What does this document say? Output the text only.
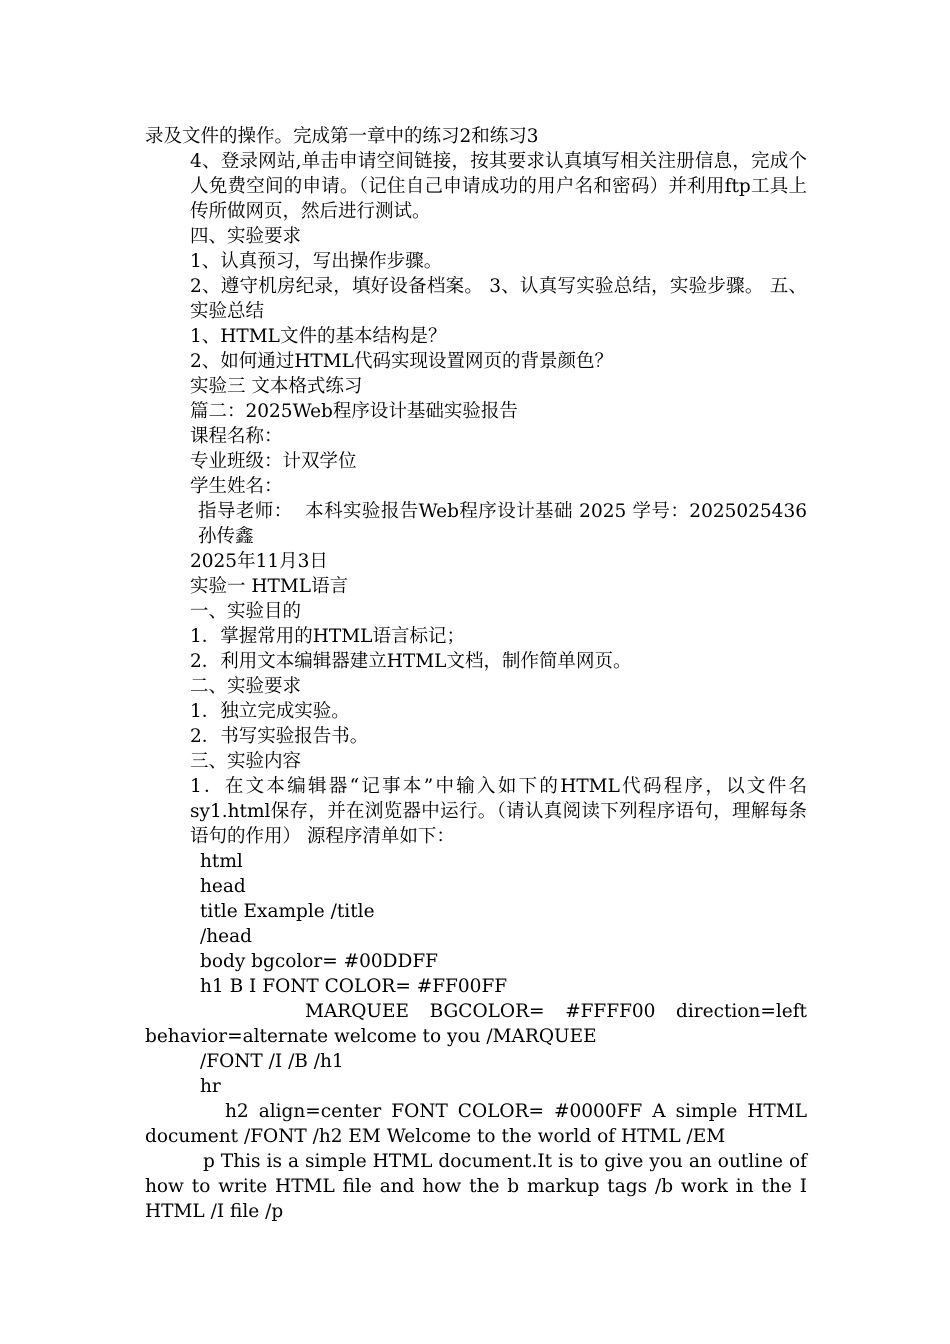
录及文件的操作。完成第一章中的练习2和练习3

4、登录网站,单击申请空间链接，按其要求认真填写相关注册信息，完成个人免费空间的申请。（记住自己申请成功的用户名和密码）并利用ftp工具上传所做网页，然后进行测试。

四、实验要求

1、认真预习，写出操作步骤。

2、遵守机房纪录，填好设备档案。 3、认真写实验总结，实验步骤。 五、实验总结

1、HTML文件的基本结构是？

2、如何通过HTML代码实现设置网页的背景颜色？

实验三 文本格式练习

篇二：2025Web程序设计基础实验报告

课程名称：

专业班级：计双学位

学生姓名：

指导老师：  本科实验报告Web程序设计基础 2025 学号：2025025436 孙传鑫

2025年11月3日

实验一 HTML语言

一、实验目的

1．掌握常用的HTML语言标记；

2．利用文本编辑器建立HTML文档，制作简单网页。

二、实验要求

1．独立完成实验。

2．书写实验报告书。

三、实验内容

1．在文本编辑器“记事本”中输入如下的HTML代码程序，以文件名sy1.html保存，并在浏览器中运行。（请认真阅读下列程序语句，理解每条语句的作用） 源程序清单如下：

html

head

title Example /title

/head

body bgcolor= #00DDFF

h1 B I FONT COLOR= #FF00FF

MARQUEE BGCOLOR= #FFFF00 direction=left behavior=alternate welcome to you /MARQUEE

/FONT /I /B /h1

hr

h2 align=center FONT COLOR= #0000FF A simple HTML document /FONT /h2 EM Welcome to the world of HTML /EM

p This is a simple HTML document.It is to give you an outline of how to write HTML file and how the b markup tags /b work in the I HTML /I file /p
